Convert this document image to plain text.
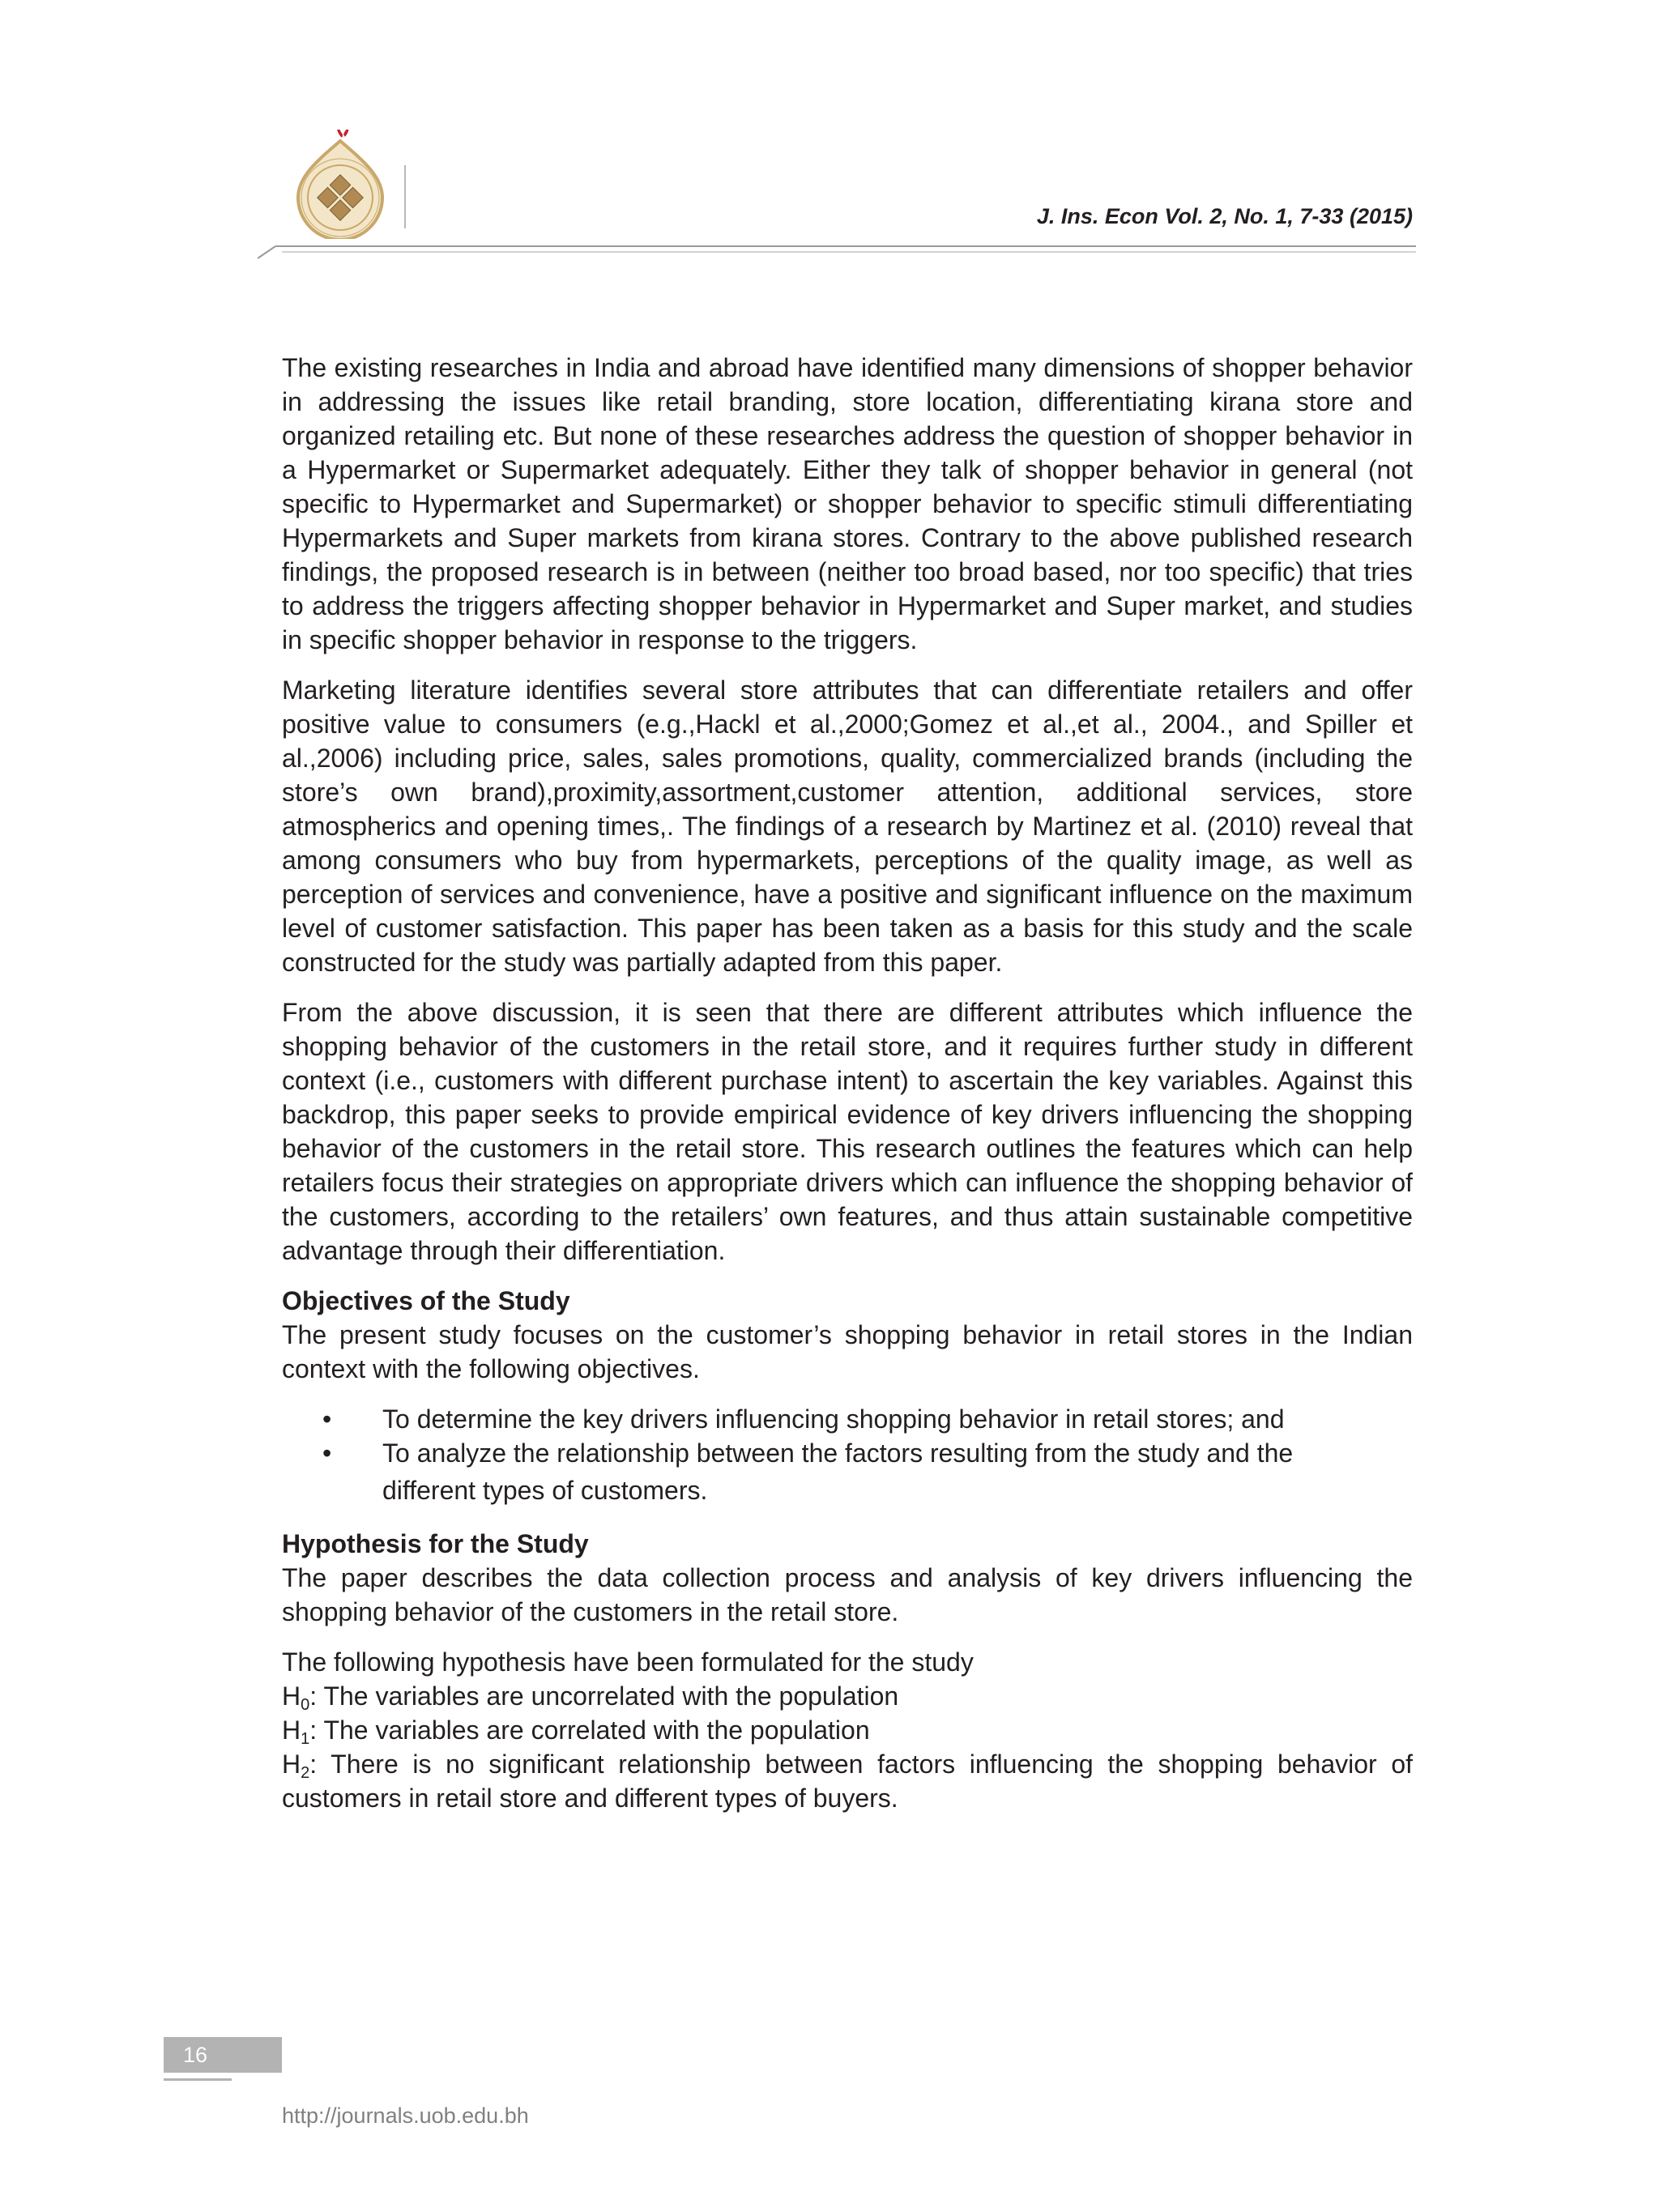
J. Ins. Econ Vol. 2, No. 1, 7-33 (2015)

The existing researches in India and abroad have identified many dimensions of shopper behavior in addressing the issues like retail branding, store location, differentiating kirana store and organized retailing etc. But none of these researches address the question of shopper behavior in a Hypermarket or Supermarket adequately. Either they talk of shopper behavior in general (not specific to Hypermarket and Supermarket) or shopper behavior to specific stimuli differentiating Hypermarkets and Super markets from kirana stores. Contrary to the above published research findings, the proposed research is in between (neither too broad based, nor too specific) that tries to address the triggers affecting shopper behavior in Hypermarket and Super market, and studies in specific shopper behavior in response to the triggers.

Marketing literature identifies several store attributes that can differentiate retailers and offer positive value to consumers (e.g.,Hackl et al.,2000;Gomez et al.,et al., 2004., and Spiller et al.,2006) including price, sales, sales promotions, quality, commercialized brands (including the store’s own brand),proximity,assortment,customer attention, additional services, store atmospherics and opening times,. The findings of a research by Martinez et al. (2010) reveal that among consumers who buy from hypermarkets, perceptions of the quality image, as well as perception of services and convenience, have a positive and significant influence on the maximum level of customer satisfaction. This paper has been taken as a basis for this study and the scale constructed for the study was partially adapted from this paper.

From the above discussion, it is seen that there are different attributes which influence the shopping behavior of the customers in the retail store, and it requires further study in different context (i.e., customers with different purchase intent) to ascertain the key variables. Against this backdrop, this paper seeks to provide empirical evidence of key drivers influencing the shopping behavior of the customers in the retail store. This research outlines the features which can help retailers focus their strategies on appropriate drivers which can influence the shopping behavior of the customers, according to the retailers’ own features, and thus attain sustainable competitive advantage through their differentiation.

Objectives of the Study

The present study focuses on the customer’s shopping behavior in retail stores in the Indian context with the following objectives.

• To determine the key drivers influencing shopping behavior in retail stores; and
• To analyze the relationship between the factors resulting from the study and the
different types of customers.
Hypothesis for the Study

The paper describes the data collection process and analysis of key drivers influencing the shopping behavior of the customers in the retail store.

The following hypothesis have been formulated for the study
$H_0$: The variables are uncorrelated with the population
$H_1$: The variables are correlated with the population
$H_2$: There is no significant relationship between factors influencing the shopping behavior of customers in retail store and different types of buyers.
16
http://journals.uob.edu.bh
